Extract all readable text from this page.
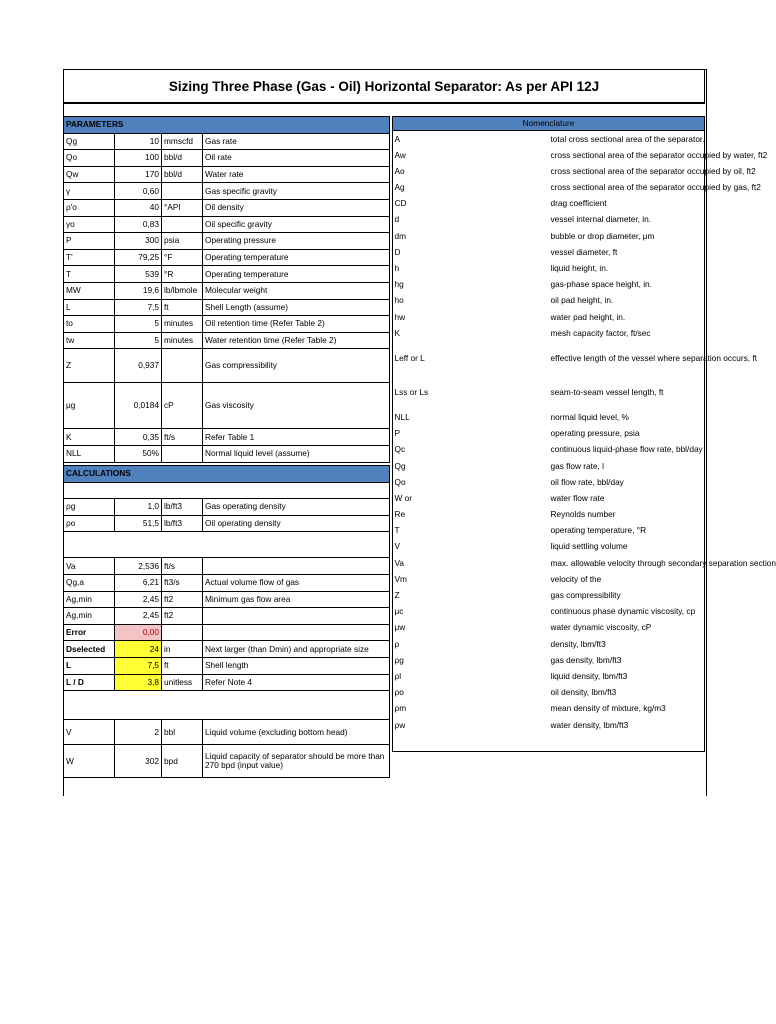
Sizing Three Phase (Gas - Oil) Horizontal Separator: As per API 12J
PARAMETERS			
Qg	10	mmscfd	Gas rate
Qo	100	bbl/d	Oil rate
Qw	170	bbl/d	Water rate
γ	0,60		Gas specific gravity
ρ'o	40	°API	Oil density
γo	0,83		Oil specific gravity
P	300	psia	Operating pressure
T'	79,25	°F	Operating temperature
T	539	°R	Operating temperature
MW	19,6	lb/lbmole	Molecular weight
L	7,5	ft	Shell Length (assume)
to	5	minutes	Oil retention time (Refer Table 2)
tw	5	minutes	Water retention time (Refer Table 2)
Z	0,937		Gas compressibility
μg	0,0184	cP	Gas viscosity
K	0,35	ft/s	Refer Table 1
NLL	50%		Normal liquid level (assume)
CALCULATIONS			

ρg	1,0	lb/ft3	Gas operating density
ρo	51,5	lb/ft3	Oil operating density

Va	2,536	ft/s	
Qg,a	6,21	ft3/s	Actual volume flow of gas
Ag,min	2,45	ft2	Minimum gas flow area
Ag,min	2,45	ft2	
Error	0,00		
Dselected	24	in	Next larger (than Dmin) and appropriate size
L	7,5	ft	Shell length
L / D	3,8	unitless	Refer Note 4

V	2	bbl	Liquid volume (excluding bottom head)
W	302	bpd	Liquid capacity of separator should be more than 270 bpd (input value)
Nomenclature	
A	total cross sectional area of the separator.
Aw	cross sectional area of the separator occupied by water, ft2
Ao	cross sectional area of the separator occupied by oil, ft2
Ag	cross sectional area of the separator occupied by gas, ft2
CD	drag coefficient
d	vessel internal diameter, in.
dm	bubble or drop diameter, μm
D	vessel diameter, ft
h	liquid height, in.
hg	gas-phase space height, in.
ho	oil pad height, in.
hw	water pad height, in.
K	mesh capacity factor, ft/sec
Leff or L	effective length of the vessel where separation occurs, ft
Lss or Ls	seam-to-seam vessel length, ft
NLL	normal liquid level, %
P	operating pressure, psia
Qc	continuous liquid-phase flow rate, bbl/day
Qg	gas flow rate, l
Qo	oil flow rate, bbl/day
W or	water flow rate
Re	Reynolds number
T	operating temperature, °R
V	liquid settling volume
Va	max. allowable velocity through secondary separation section
Vm	velocity of the
Z	gas compressibility
μc	continuous phase dynamic viscosity, cp
μw	water dynamic viscosity, cP
ρ	density, lbm/ft3
ρg	gas density, lbm/ft3
ρl	liquid density, lbm/ft3
ρo	oil density, lbm/ft3
ρm	mean density of mixture, kg/m3
ρw	water density, lbm/ft3
